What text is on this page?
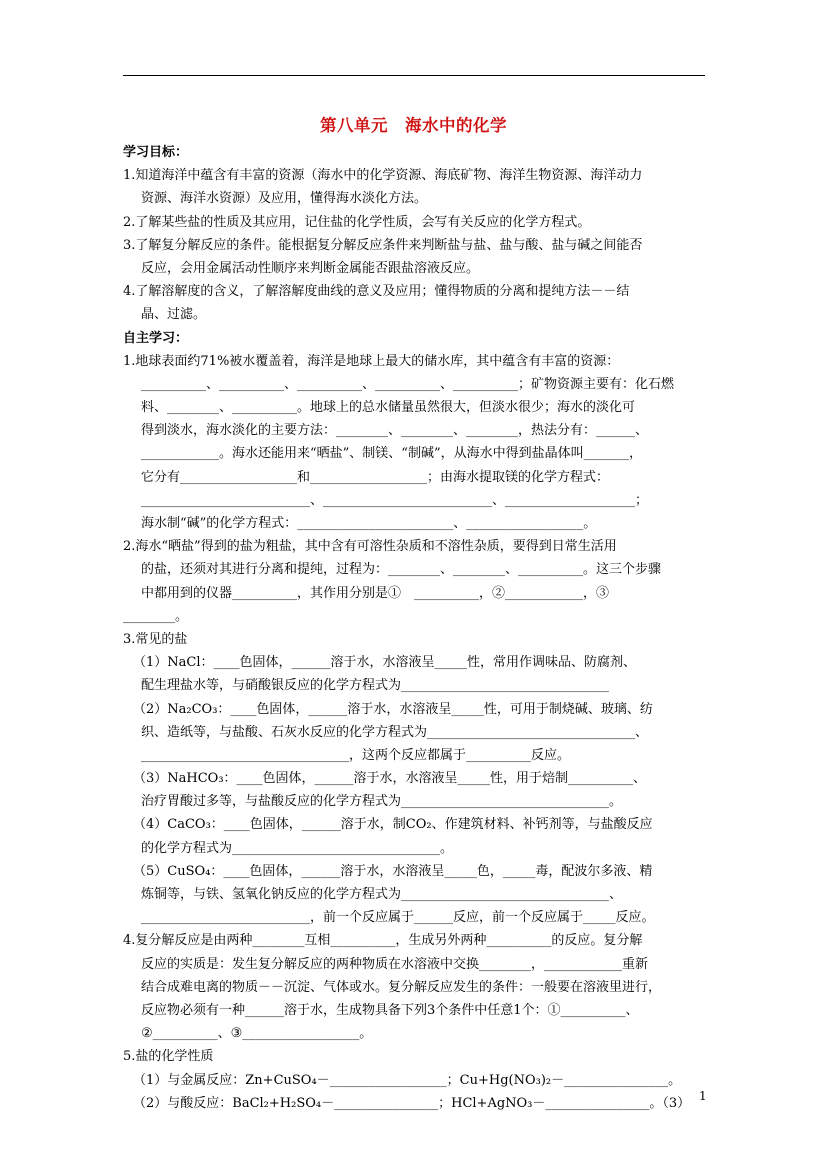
第八单元　海水中的化学
学习目标：
1.知道海洋中蕴含有丰富的资源（海水中的化学资源、海底矿物、海洋生物资源、海洋动力
资源、海洋水资源）及应用，懂得海水淡化方法。
2.了解某些盐的性质及其应用，记住盐的化学性质，会写有关反应的化学方程式。
3.了解复分解反应的条件。能根据复分解反应条件来判断盐与盐、盐与酸、盐与碱之间能否
反应，会用金属活动性顺序来判断金属能否跟盐溶液反应。
4.了解溶解度的含义，了解溶解度曲线的意义及应用；懂得物质的分离和提纯方法－－结
晶、过滤。
自主学习：
1.地球表面约71%被水覆盖着，海洋是地球上最大的储水库，其中蕴含有丰富的资源：
__________、__________、__________、__________、__________；矿物资源主要有：化石燃
料、________、__________。地球上的总水储量虽然很大，但淡水很少；海水的淡化可
得到淡水，海水淡化的主要方法：________、________、________，热法分有：______、
____________。海水还能用来“晒盐”、制镁、“制碱”，从海水中得到盐晶体叫_______，
它分有__________________和__________________；由海水提取镁的化学方程式：
__________________________、__________________________、____________________；
海水制“碱”的化学方程式：________________________、__________________。
2.海水“晒盐”得到的盐为粗盐，其中含有可溶性杂质和不溶性杂质，要得到日常生活用
的盐，还须对其进行分离和提纯，过程为：________、________、__________。这三个步骤
中都用到的仪器__________，其作用分别是①　__________，②____________，③
________。
3.常见的盐
（1）NaCl：____色固体，______溶于水，水溶液呈_____性，常用作调味品、防腐剂、
配生理盐水等，与硝酸银反应的化学方程式为________________________________
（2）Na₂CO₃：____色固体，______溶于水，水溶液呈_____性，可用于制烧碱、玻璃、纺
织、造纸等，与盐酸、石灰水反应的化学方程式为________________________________、
________________________________，这两个反应都属于__________反应。
（3）NaHCO₃：____色固体，______溶于水，水溶液呈_____性，用于焙制__________、
治疗胃酸过多等，与盐酸反应的化学方程式为________________________________。
（4）CaCO₃：____色固体，______溶于水，制CO₂、作建筑材料、补钙剂等，与盐酸反应
的化学方程式为________________________________。
（5）CuSO₄：____色固体，______溶于水，水溶液呈_____色，_____毒，配波尔多液、精
炼铜等，与铁、氢氧化钠反应的化学方程式为________________________________、
__________________________，前一个反应属于______反应，前一个反应属于_____反应。
4.复分解反应是由两种________互相__________，生成另外两种__________的反应。复分解
反应的实质是：发生复分解反应的两种物质在水溶液中交换________，____________重新
结合成难电离的物质－－沉淀、气体或水。复分解反应发生的条件：一般要在溶液里进行，
反应物必须有一种______溶于水，生成物具备下列3个条件中任意1个：①__________、
②__________、③__________________。
5.盐的化学性质
（1）与金属反应：Zn+CuSO₄－__________________；Cu+Hg(NO₃)₂－________________。
（2）与酸反应：BaCl₂+H₂SO₄－________________；HCl+AgNO₃－________________。（3） 1
